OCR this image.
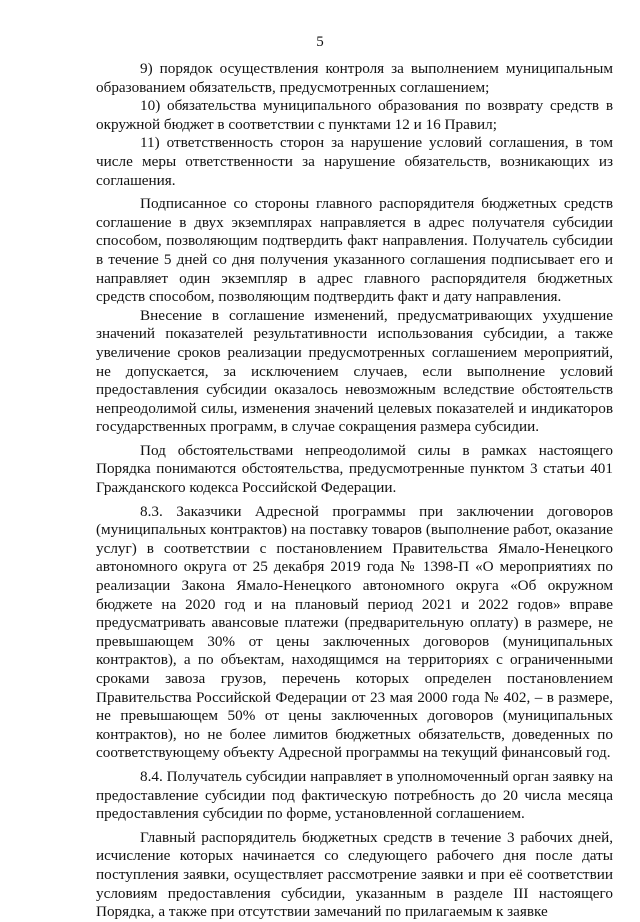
5

9) порядок осуществления контроля за выполнением муниципальным образованием обязательств, предусмотренных соглашением;

10) обязательства муниципального образования по возврату средств в окружной бюджет в соответствии с пунктами 12 и 16 Правил;

11) ответственность сторон за нарушение условий соглашения, в том числе меры ответственности за нарушение обязательств, возникающих из соглашения.

Подписанное со стороны главного распорядителя бюджетных средств соглашение в двух экземплярах направляется в адрес получателя субсидии способом, позволяющим подтвердить факт направления. Получатель субсидии в течение 5 дней со дня получения указанного соглашения подписывает его и направляет один экземпляр в адрес главного распорядителя бюджетных средств способом, позволяющим подтвердить факт и дату направления.

Внесение в соглашение изменений, предусматривающих ухудшение значений показателей результативности использования субсидии, а также увеличение сроков реализации предусмотренных соглашением мероприятий, не допускается, за исключением случаев, если выполнение условий предоставления субсидии оказалось невозможным вследствие обстоятельств непреодолимой силы, изменения значений целевых показателей и индикаторов государственных программ, в случае сокращения размера субсидии.

Под обстоятельствами непреодолимой силы в рамках настоящего Порядка понимаются обстоятельства, предусмотренные пунктом 3 статьи 401 Гражданского кодекса Российской Федерации.

8.3. Заказчики Адресной программы при заключении договоров (муниципальных контрактов) на поставку товаров (выполнение работ, оказание услуг) в соответствии с постановлением Правительства Ямало-Ненецкого автономного округа от 25 декабря 2019 года № 1398-П «О мероприятиях по реализации Закона Ямало-Ненецкого автономного округа «Об окружном бюджете на 2020 год и на плановый период 2021 и 2022 годов» вправе предусматривать авансовые платежи (предварительную оплату) в размере, не превышающем 30% от цены заключенных договоров (муниципальных контрактов), а по объектам, находящимся на территориях с ограниченными сроками завоза грузов, перечень которых определен постановлением Правительства Российской Федерации от 23 мая 2000 года № 402, – в размере, не превышающем 50% от цены заключенных договоров (муниципальных контрактов), но не более лимитов бюджетных обязательств, доведенных по соответствующему объекту Адресной программы на текущий финансовый год.

8.4. Получатель субсидии направляет в уполномоченный орган заявку на предоставление субсидии под фактическую потребность до 20 числа месяца предоставления субсидии по форме, установленной соглашением.

Главный распорядитель бюджетных средств в течение 3 рабочих дней, исчисление которых начинается со следующего рабочего дня после даты поступления заявки, осуществляет рассмотрение заявки и при её соответствии условиям предоставления субсидии, указанным в разделе III настоящего Порядка, а также при отсутствии замечаний по прилагаемым к заявке
